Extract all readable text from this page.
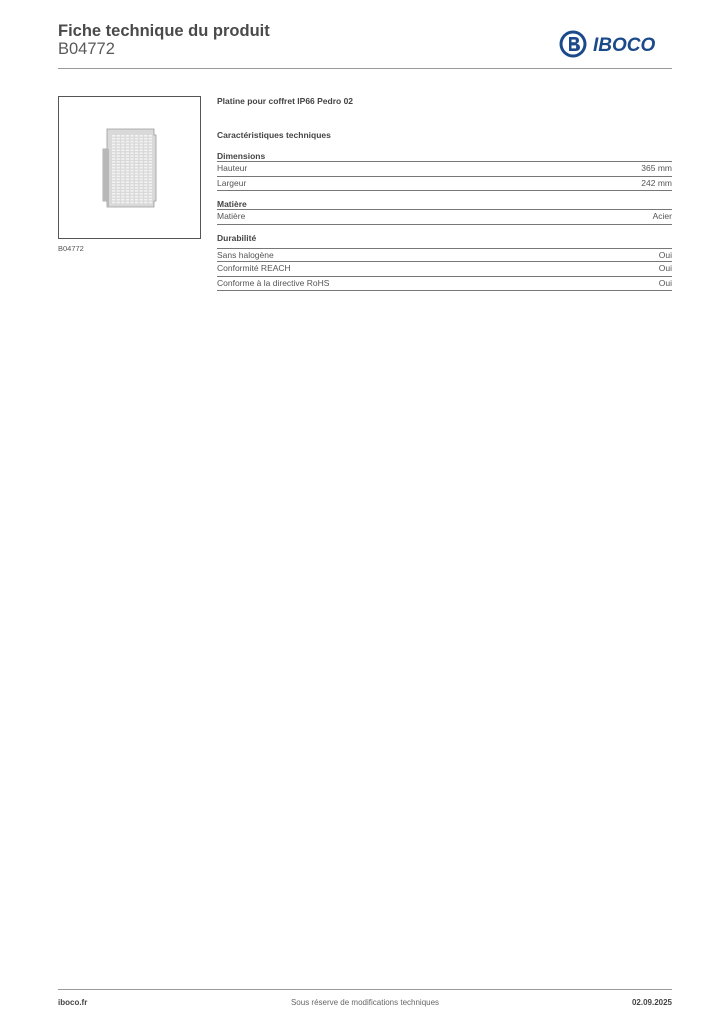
Fiche technique du produit
B04772	IBOCO
B04772
Platine pour coffret IP66 Pedro 02
Caractéristiques techniques
Dimensions
Hauteur	365 mm
Largeur	242 mm
Matière
Matière	Acier
Durabilité
Sans halogène	Oui
Conformité REACH	Oui
Conforme à la directive RoHS	Oui
iboco.fr	Sous réserve de modifications techniques	02.09.2025
